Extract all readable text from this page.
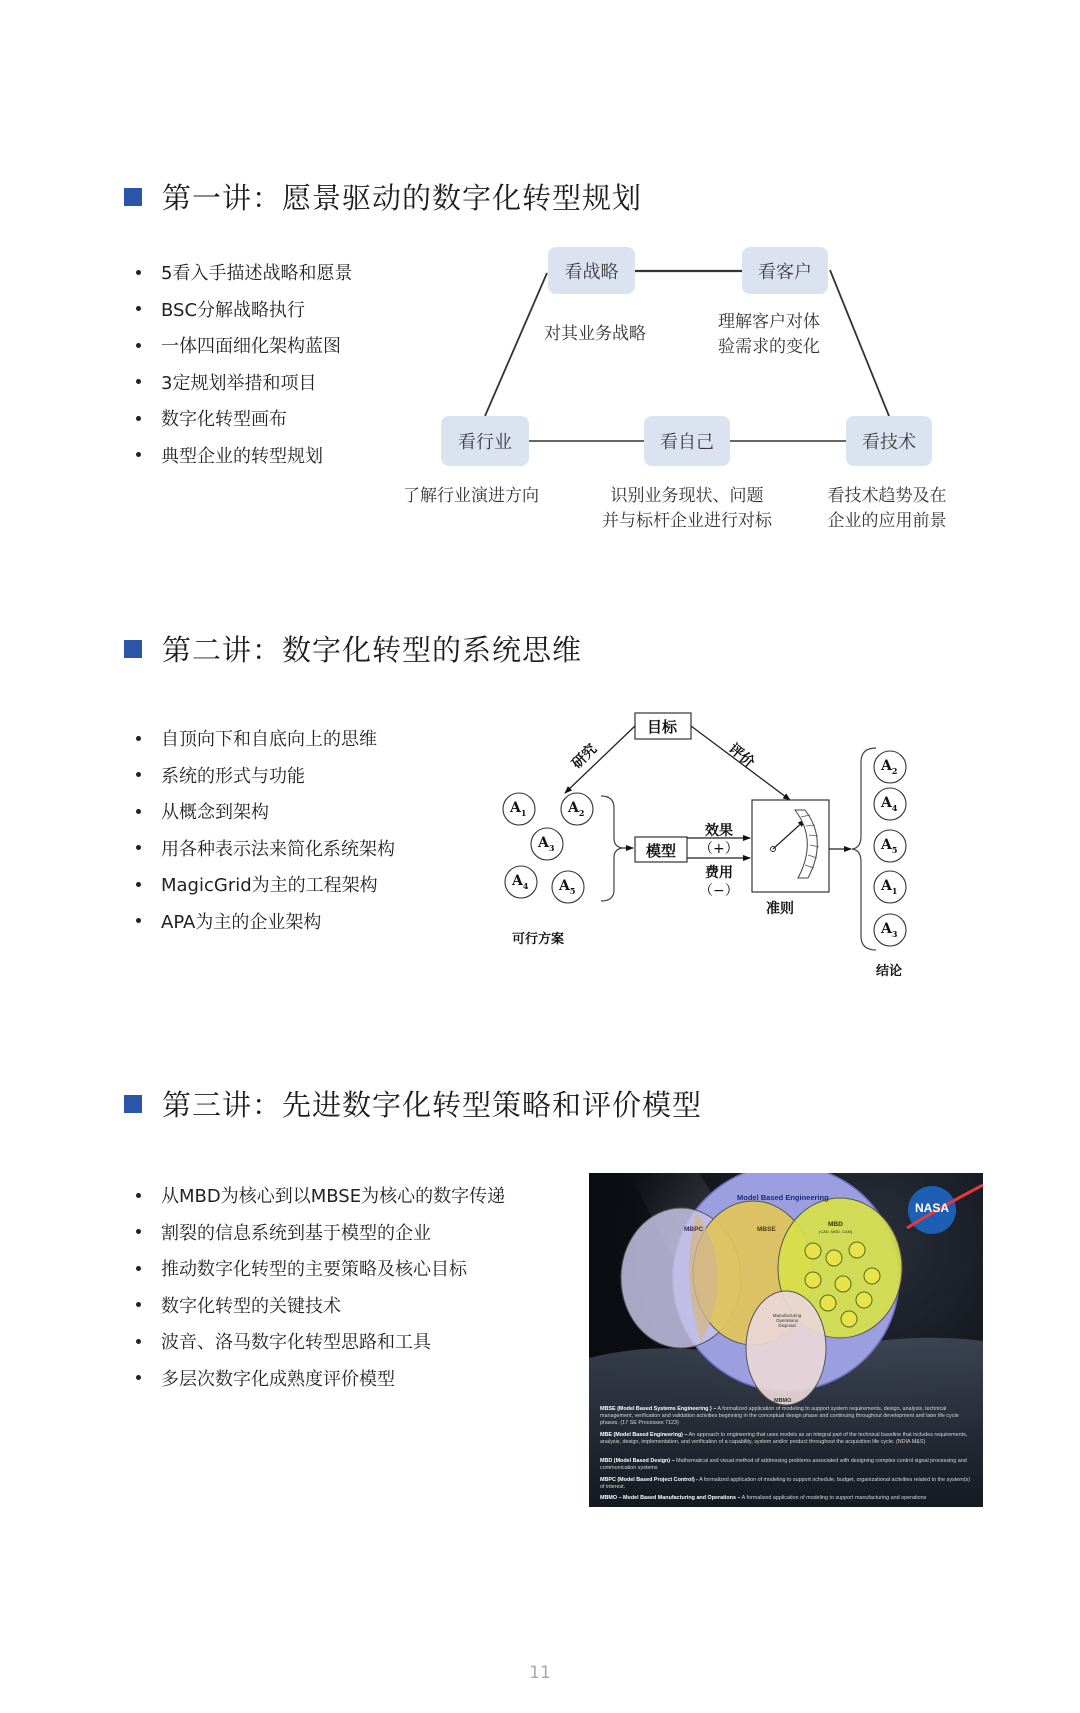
第一讲：愿景驱动的数字化转型规划
5看入手描述战略和愿景
BSC分解战略执行
一体四面细化架构蓝图
3定规划举措和项目
数字化转型画布
典型企业的转型规划
看战略	看客户
看行业	看自己	看技术
对其业务战略
理解客户对体
验需求的变化
了解行业演进方向	识别业务现状、问题
并与标杆企业进行对标
看技术趋势及在
企业的应用前景
第二讲：数字化转型的系统思维
自顶向下和自底向上的思维
系统的形式与功能
从概念到架构
用各种表示法来简化系统架构
MagicGrid为主的工程架构
APA为主的企业架构
目标
研究	评价
模型
效果
（+）
费用
（−）
准则
可行方案
结论
$A_1$	$A_2$
$A_3$
$A_4$ $A_5$
$A_2$
$A_4$
$A_5$
$A_1$
$A_3$
第三讲：先进数字化转型策略和评价模型
从MBD为核心到以MBSE为核心的数字传递
割裂的信息系统到基于模型的企业
推动数字化转型的主要策略及核心目标
数字化转型的关键技术
波音、洛马数字化转型思路和工具
多层次数字化成熟度评价模型
NASA
Model Based Engineering
MBPC	MBSE
MBD
(CAD, MBD, CAM)
Manufacturing Operations Disposal
MBMO
MBSE (Model Based Systems Engineering ) – A formalized application of modeling to support system requirements, design, analysis, technical management, verification and validation activities beginning in the conceptual design phase and continuing throughout development and later life cycle phases. (17 SE Processes 7123)
MBE (Model Based Engineering) – An approach to engineering that uses models as an integral part of the technical baseline that includes requirements, analysis, design, implementation, and verification of a capability, system and/or product throughout the acquisition life cycle. (NDIA M&S)
MBD (Model Based Design) – Mathematical and visual method of addressing problems associated with designing complex control signal processing and communication systems
MBPC (Model Based Project Control) - A formalized application of modeling to support schedule, budget, organizational activities related to the system(s) of interest.
MBMO – Model Based Manufacturing and Operations – A formalized application of modeling to support manufacturing and operations
11
